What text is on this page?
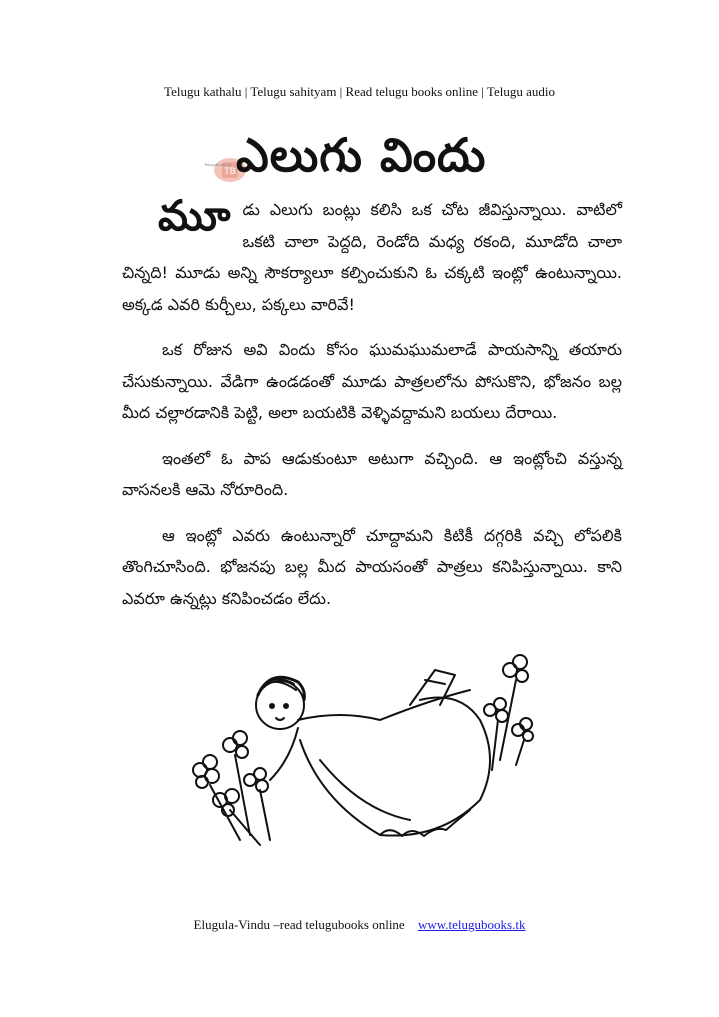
Telugu kathalu | Telugu sahityam | Read telugu books online | Telugu audio
TB
TeluguBooks.tk ఎలుగు విందు

మూ డు ఎలుగు బంట్లు కలిసి ఒక చోట జీవిస్తున్నాయి. వాటిలో ఒకటి చాలా పెద్దది, రెండోది మధ్య రకంది, మూడోది చాలా చిన్నది! మూడు అన్ని సౌకర్యాలూ కల్పించుకుని ఓ చక్కటి ఇంట్లో ఉంటున్నాయి. అక్కడ ఎవరి కుర్చీలు, పక్కలు వారివే!

ఒక రోజున అవి విందు కోసం ఘుమఘుమలాడే పాయసాన్ని తయారు చేసుకున్నాయి. వేడిగా ఉండడంతో మూడు పాత్రలలోను పోసుకొని, భోజనం బల్ల మీద చల్లారడానికి పెట్టి, అలా బయటికి వెళ్ళివద్దామని బయలు దేరాయి.

ఇంతలో ఓ పాప ఆడుకుంటూ అటుగా వచ్చింది. ఆ ఇంట్లోంచి వస్తున్న వాసనలకి ఆమె నోరూరింది.

ఆ ఇంట్లో ఎవరు ఉంటున్నారో చూద్దామని కిటికీ దగ్గరికి వచ్చి లోపలికి తొంగిచూసింది. భోజనపు బల్ల మీద పాయసంతో పాత్రలు కనిపిస్తున్నాయి. కాని ఎవరూ ఉన్నట్లు కనిపించడం లేదు.

Elugula-Vindu –read telugubooks online www.telugubooks.tk
